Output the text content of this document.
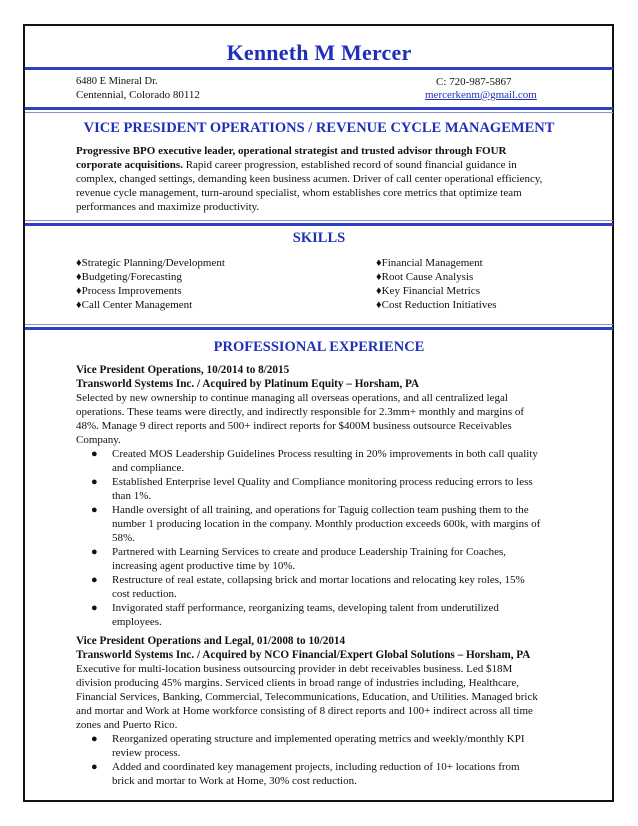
Kenneth M Mercer
6480 E Mineral Dr.
Centennial, Colorado 80112
C: 720-987-5867
mercerkenm@gmail.com
VICE PRESIDENT OPERATIONS / REVENUE CYCLE MANAGEMENT
Progressive BPO executive leader, operational strategist and trusted advisor through FOUR
corporate acquisitions. Rapid career progression, established record of sound financial guidance in
complex, changed settings, demanding keen business acumen. Driver of call center operational efficiency,
revenue cycle management, turn-around specialist, whom establishes core metrics that optimize team
performances and maximize productivity.
SKILLS
♦Strategic Planning/Development
♦Budgeting/Forecasting
♦Process Improvements
♦Call Center Management
♦Financial Management
♦Root Cause Analysis
♦Key Financial Metrics
♦Cost Reduction Initiatives
PROFESSIONAL EXPERIENCE
Vice President Operations, 10/2014 to 8/2015
Transworld Systems Inc. / Acquired by Platinum Equity – Horsham, PA
Selected by new ownership to continue managing all overseas operations, and all centralized legal
operations. These teams were directly, and indirectly responsible for 2.3mm+ monthly and margins of
48%. Manage 9 direct reports and 500+ indirect reports for $400M business outsource Receivables
Company.
● Created MOS Leadership Guidelines Process resulting in 20% improvements in both call quality
and compliance.
● Established Enterprise level Quality and Compliance monitoring process reducing errors to less
than 1%.
● Handle oversight of all training, and operations for Taguig collection team pushing them to the
number 1 producing location in the company. Monthly production exceeds 600k, with margins of
58%.
● Partnered with Learning Services to create and produce Leadership Training for Coaches,
increasing agent productive time by 10%.
● Restructure of real estate, collapsing brick and mortar locations and relocating key roles, 15%
cost reduction.
● Invigorated staff performance, reorganizing teams, developing talent from underutilized
employees.
Vice President Operations and Legal, 01/2008 to 10/2014
Transworld Systems Inc. / Acquired by NCO Financial/Expert Global Solutions – Horsham, PA
Executive for multi-location business outsourcing provider in debt receivables business. Led $18M
division producing 45% margins. Serviced clients in broad range of industries including, Healthcare,
Financial Services, Banking, Commercial, Telecommunications, Education, and Utilities. Managed brick
and mortar and Work at Home workforce consisting of 8 direct reports and 100+ indirect across all time
zones and Puerto Rico.
● Reorganized operating structure and implemented operating metrics and weekly/monthly KPI
review process.
● Added and coordinated key management projects, including reduction of 10+ locations from
brick and mortar to Work at Home, 30% cost reduction.
